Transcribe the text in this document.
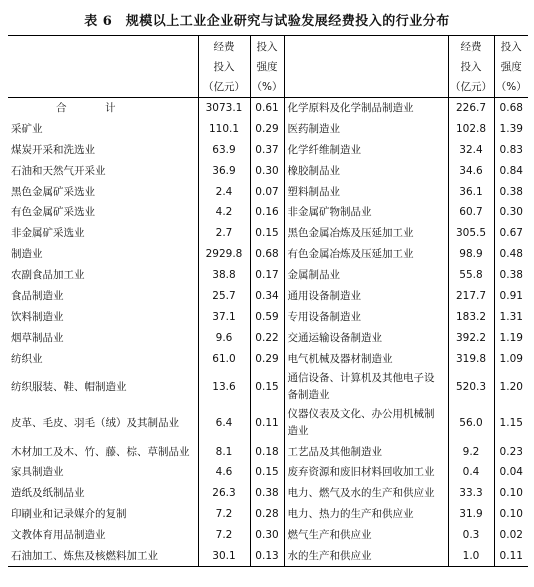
表 6　规模以上工业企业研究与试验发展经费投入的行业分布
	经费
投入
（亿元）	投入
强度
（%）		经费
投入
（亿元）	投入
强度
（%）
合　计	3073.1	0.61	化学原料及化学制品制造业	226.7	0.68
采矿业	110.1	0.29	医药制造业	102.8	1.39
煤炭开采和洗选业	63.9	0.37	化学纤维制造业	32.4	0.83
石油和天然气开采业	36.9	0.30	橡胶制品业	34.6	0.84
黑色金属矿采选业	2.4	0.07	塑料制品业	36.1	0.38
有色金属矿采选业	4.2	0.16	非金属矿物制品业	60.7	0.30
非金属矿采选业	2.7	0.15	黑色金属冶炼及压延加工业	305.5	0.67
制造业	2929.8	0.68	有色金属冶炼及压延加工业	98.9	0.48
农副食品加工业	38.8	0.17	金属制品业	55.8	0.38
食品制造业	25.7	0.34	通用设备制造业	217.7	0.91
饮料制造业	37.1	0.59	专用设备制造业	183.2	1.31
烟草制品业	9.6	0.22	交通运输设备制造业	392.2	1.19
纺织业	61.0	0.29	电气机械及器材制造业	319.8	1.09
纺织服装、鞋、帽制造业	13.6	0.15	通信设备、计算机及其他电子设备制造业	520.3	1.20
皮革、毛皮、羽毛（绒）及其制品业	6.4	0.11	仪器仪表及文化、办公用机械制造业	56.0	1.15
木材加工及木、竹、藤、棕、草制品业	8.1	0.18	工艺品及其他制造业	9.2	0.23
家具制造业	4.6	0.15	废弃资源和废旧材料回收加工业	0.4	0.04
造纸及纸制品业	26.3	0.38	电力、燃气及水的生产和供应业	33.3	0.10
印刷业和记录媒介的复制	7.2	0.28	电力、热力的生产和供应业	31.9	0.10
文教体育用品制造业	7.2	0.30	燃气生产和供应业	0.3	0.02
石油加工、炼焦及核燃料加工业	30.1	0.13	水的生产和供应业	1.0	0.11
